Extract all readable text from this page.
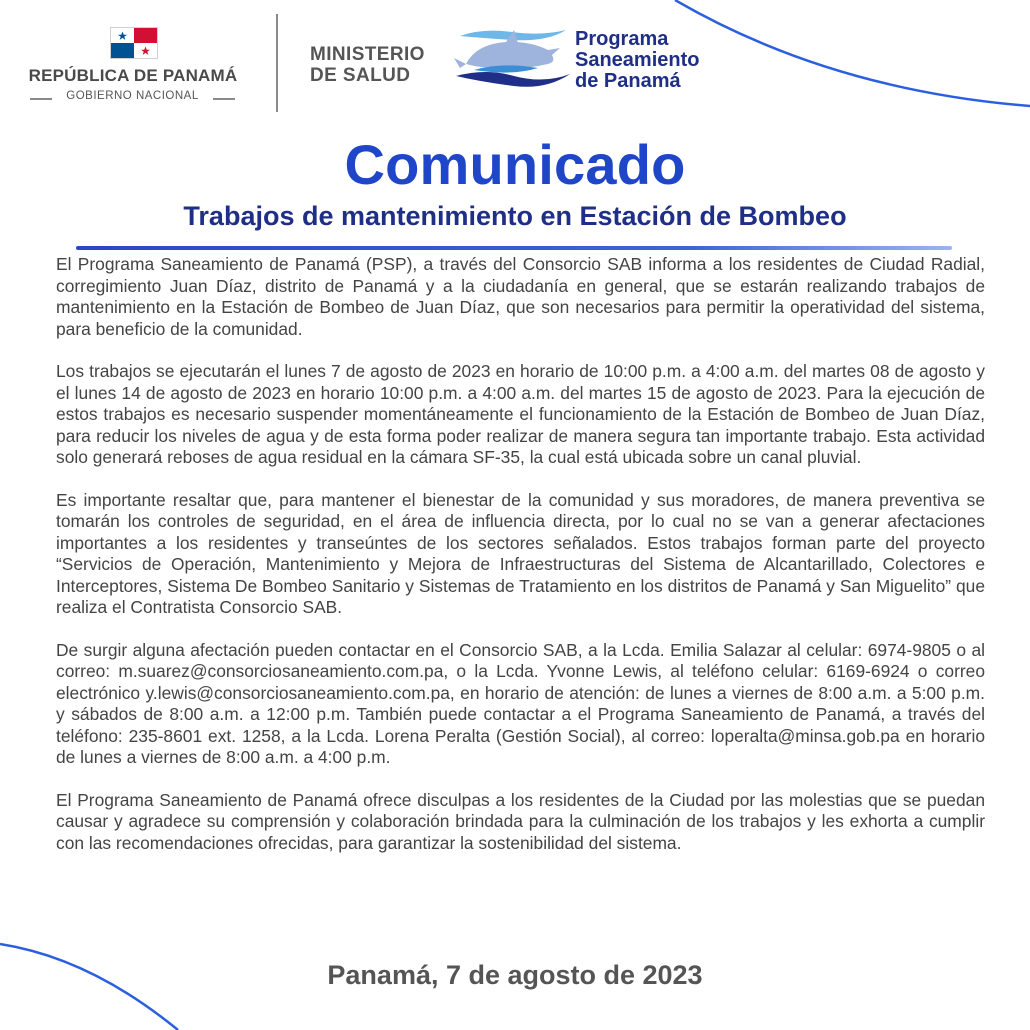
REPÚBLICA DE PANAMÁ
GOBIERNO NACIONAL
MINISTERIO
DE SALUD
Programa
Saneamiento
de Panamá
Comunicado
Trabajos de mantenimiento en Estación de Bombeo

El Programa Saneamiento de Panamá (PSP), a través del Consorcio SAB informa a los residentes de Ciudad Radial, corregimiento Juan Díaz, distrito de Panamá y a la ciudadanía en general, que se estarán realizando trabajos de mantenimiento en la Estación de Bombeo de Juan Díaz, que son necesarios para permitir la operatividad del sistema, para beneficio de la comunidad.

Los trabajos se ejecutarán el lunes 7 de agosto de 2023 en horario de 10:00 p.m. a 4:00 a.m. del martes 08 de agosto y el lunes 14 de agosto de 2023 en horario 10:00 p.m. a 4:00 a.m. del martes 15 de agosto de 2023. Para la ejecución de estos trabajos es necesario suspender momentáneamente el funcionamiento de la Estación de Bombeo de Juan Díaz, para reducir los niveles de agua y de esta forma poder realizar de manera segura tan importante trabajo. Esta actividad solo generará reboses de agua residual en la cámara SF-35, la cual está ubicada sobre un canal pluvial.

Es importante resaltar que, para mantener el bienestar de la comunidad y sus moradores, de manera preventiva se tomarán los controles de seguridad, en el área de influencia directa, por lo cual no se van a generar afectaciones importantes a los residentes y transeúntes de los sectores señalados. Estos trabajos forman parte del proyecto “Servicios de Operación, Mantenimiento y Mejora de Infraestructuras del Sistema de Alcantarillado, Colectores e Interceptores, Sistema De Bombeo Sanitario y Sistemas de Tratamiento en los distritos de Panamá y San Miguelito” que realiza el Contratista Consorcio SAB.

De surgir alguna afectación pueden contactar en el Consorcio SAB, a la Lcda. Emilia Salazar al celular: 6974-9805 o al correo: m.suarez@consorciosaneamiento.com.pa, o la Lcda. Yvonne Lewis, al teléfono celular: 6169-6924 o correo electrónico y.lewis@consorciosaneamiento.com.pa, en horario de atención: de lunes a viernes de 8:00 a.m. a 5:00 p.m. y sábados de 8:00 a.m. a 12:00 p.m. También puede contactar a el Programa Saneamiento de Panamá, a través del teléfono: 235-8601 ext. 1258, a la Lcda. Lorena Peralta (Gestión Social), al correo: loperalta@minsa.gob.pa en horario de lunes a viernes de 8:00 a.m. a 4:00 p.m.

El Programa Saneamiento de Panamá ofrece disculpas a los residentes de la Ciudad por las molestias que se puedan causar y agradece su comprensión y colaboración brindada para la culminación de los trabajos y les exhorta a cumplir con las recomendaciones ofrecidas, para garantizar la sostenibilidad del sistema.

Panamá, 7 de agosto de 2023
